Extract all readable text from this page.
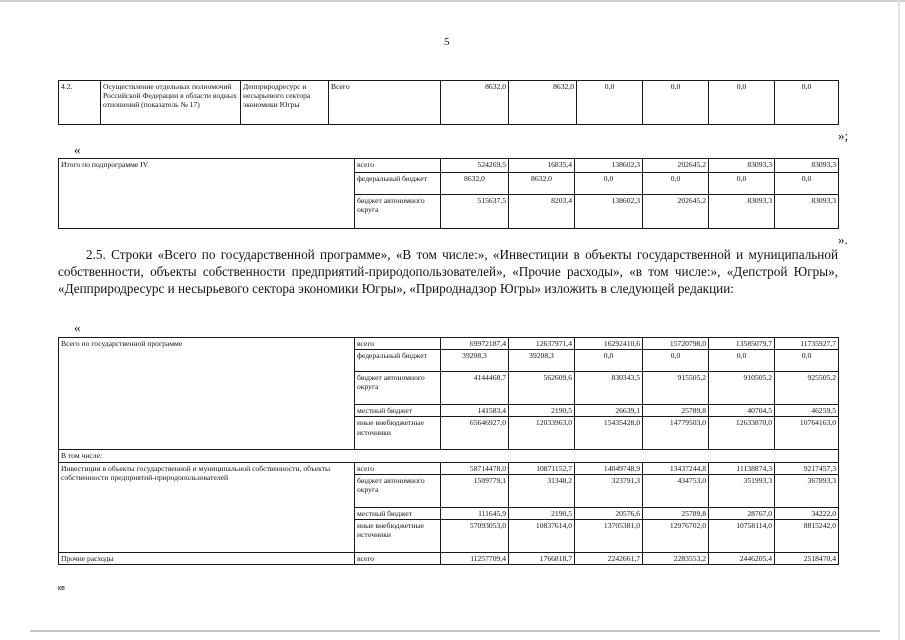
5
4.2.	Осуществление отдельных полномочий Российской Федерации в области водных отношений (показатель № 17)	Депприродресурс и несырьевого сектора экономики Югры	Всего	8632,0	8632,0	0,0	0,0	0,0	0,0
»;
«
Итого по подпрограмме IV	всего	524269,5	16835,4	138602,3	202645,2	83093,3	83093,3
	федеральный бюджет	8632,0	8632,0	0,0	0,0	0,0	0,0
	бюджет автономного округа	515637,5	8203,4	138602,3	202645,2	83093,3	83093,3
».
2.5. Строки «Всего по государственной программе», «В том числе:», «Инвестиции в объекты государственной и муниципальной собственности, объекты собственности предприятий-природопользователей», «Прочие расходы», «в том числе:», «Депстрой Югры», «Депприродресурс и несырьевого сектора экономики Югры», «Природнадзор Югры» изложить в следующей редакции:
«
Всего по государственной программе	всего	69972187,4	12637971,4	16292410,6	15720798,0	13585079,7	11735927,7
	федеральный бюджет	39208,3	39208,3	0,0	0,0	0,0	0,0
	бюджет автономного округа	4144468,7	562609,6	830343,5	915505,2	910505,2	925505,2
	местный бюджет	141583,4	2190,5	26639,1	25789,8	40704,5	46259,5
	иные внебюджетные источники	65646927,0	12033963,0	15435428,0	14779503,0	12633870,0	10764163,0
В том числе:							
Инвестиции в объекты государственной и муниципальной собственности, объекты собственности предприятий-природопользователей	всего	58714478,0	10871152,7	14049748,9	13437244,8	11138874,3	9217457,3
	бюджет автономного округа	1509779,1	31348,2	323791,3	434753,0	351993,3	367893,3
	местный бюджет	111645,9	2190,5	20576,6	25789,8	28767,0	34222,0
	иные внебюджетные источники	57093053,0	10837614,0	13705381,0	12976702,0	10758114,0	8815242,0
Прочие расходы	всего	11257709,4	1766818,7	2242661,7	2283553,2	2446205,4	2518470,4
кв
